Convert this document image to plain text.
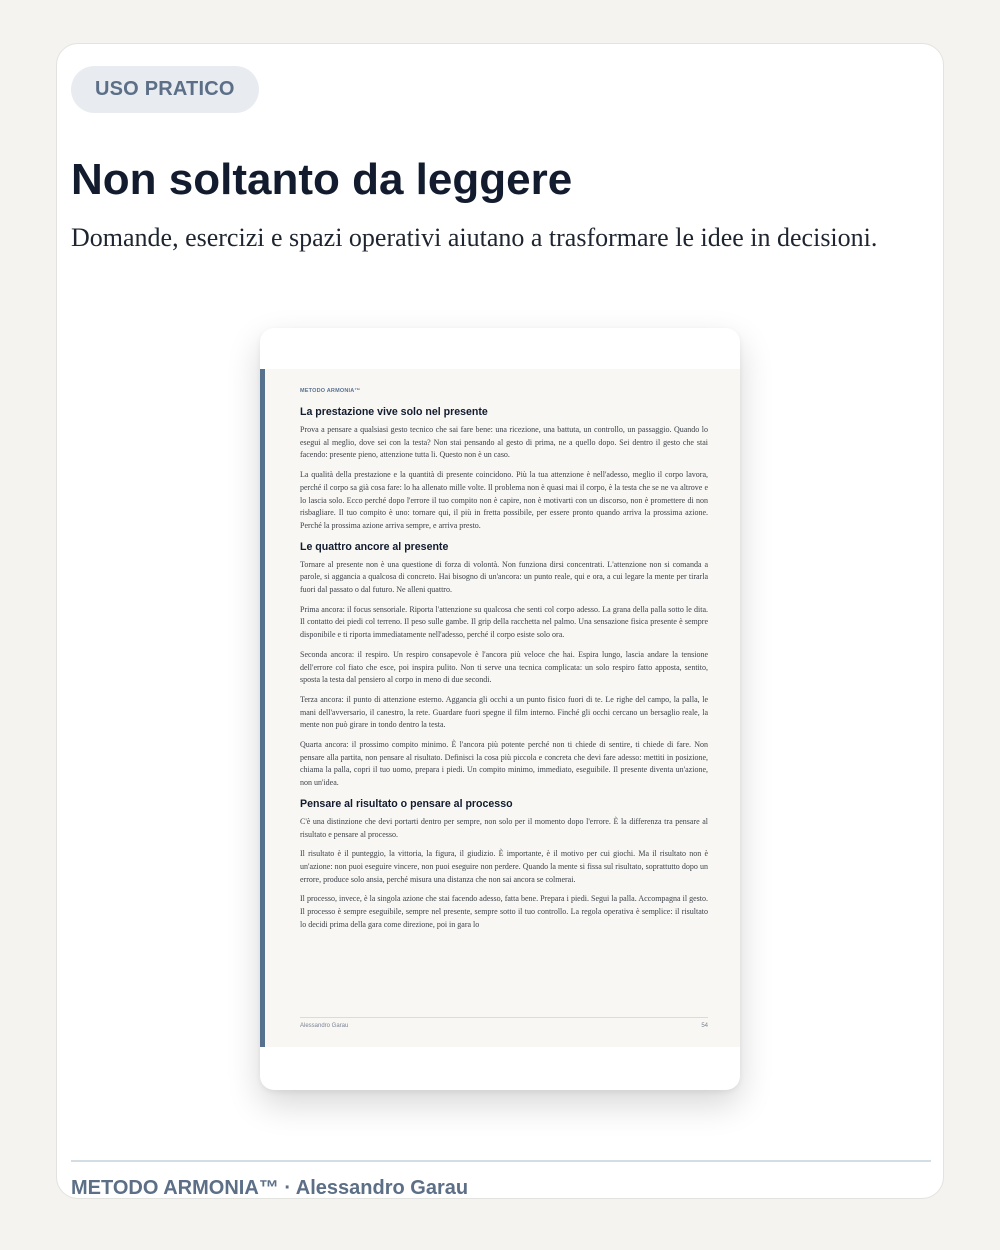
USO PRATICO
Non soltanto da leggere

Domande, esercizi e spazi operativi aiutano a trasformare le idee in decisioni.

METODO ARMONIA™
La prestazione vive solo nel presente

Prova a pensare a qualsiasi gesto tecnico che sai fare bene: una ricezione, una battuta, un controllo, un passaggio. Quando lo esegui al meglio, dove sei con la testa? Non stai pensando al gesto di prima, ne a quello dopo. Sei dentro il gesto che stai facendo: presente pieno, attenzione tutta li. Questo non è un caso.

La qualità della prestazione e la quantità di presente coincidono. Più la tua attenzione è nell'adesso, meglio il corpo lavora, perché il corpo sa già cosa fare: lo ha allenato mille volte. Il problema non è quasi mai il corpo, è la testa che se ne va altrove e lo lascia solo. Ecco perché dopo l'errore il tuo compito non è capire, non è motivarti con un discorso, non è promettere di non risbagliare. Il tuo compito è uno: tornare qui, il più in fretta possibile, per essere pronto quando arriva la prossima azione. Perché la prossima azione arriva sempre, e arriva presto.

Le quattro ancore al presente

Tornare al presente non è una questione di forza di volontà. Non funziona dirsi concentrati. L'attenzione non si comanda a parole, si aggancia a qualcosa di concreto. Hai bisogno di un'ancora: un punto reale, qui e ora, a cui legare la mente per tirarla fuori dal passato o dal futuro. Ne alleni quattro.

Prima ancora: il focus sensoriale. Riporta l'attenzione su qualcosa che senti col corpo adesso. La grana della palla sotto le dita. Il contatto dei piedi col terreno. Il peso sulle gambe. Il grip della racchetta nel palmo. Una sensazione fisica presente è sempre disponibile e ti riporta immediatamente nell'adesso, perché il corpo esiste solo ora.

Seconda ancora: il respiro. Un respiro consapevole è l'ancora più veloce che hai. Espira lungo, lascia andare la tensione dell'errore col fiato che esce, poi inspira pulito. Non ti serve una tecnica complicata: un solo respiro fatto apposta, sentito, sposta la testa dal pensiero al corpo in meno di due secondi.

Terza ancora: il punto di attenzione esterno. Aggancia gli occhi a un punto fisico fuori di te. Le righe del campo, la palla, le mani dell'avversario, il canestro, la rete. Guardare fuori spegne il film interno. Finché gli occhi cercano un bersaglio reale, la mente non può girare in tondo dentro la testa.

Quarta ancora: il prossimo compito minimo. È l'ancora più potente perché non ti chiede di sentire, ti chiede di fare. Non pensare alla partita, non pensare al risultato. Definisci la cosa più piccola e concreta che devi fare adesso: mettiti in posizione, chiama la palla, copri il tuo uomo, prepara i piedi. Un compito minimo, immediato, eseguibile. Il presente diventa un'azione, non un'idea.

Pensare al risultato o pensare al processo

C'è una distinzione che devi portarti dentro per sempre, non solo per il momento dopo l'errore. È la differenza tra pensare al risultato e pensare al processo.

Il risultato è il punteggio, la vittoria, la figura, il giudizio. È importante, è il motivo per cui giochi. Ma il risultato non è un'azione: non puoi eseguire vincere, non puoi eseguire non perdere. Quando la mente si fissa sul risultato, soprattutto dopo un errore, produce solo ansia, perché misura una distanza che non sai ancora se colmerai.

Il processo, invece, è la singola azione che stai facendo adesso, fatta bene. Prepara i piedi. Segui la palla. Accompagna il gesto. Il processo è sempre eseguibile, sempre nel presente, sempre sotto il tuo controllo. La regola operativa è semplice: il risultato lo decidi prima della gara come direzione, poi in gara lo

Alessandro Garau	54
METODO ARMONIA™ · Alessandro Garau
